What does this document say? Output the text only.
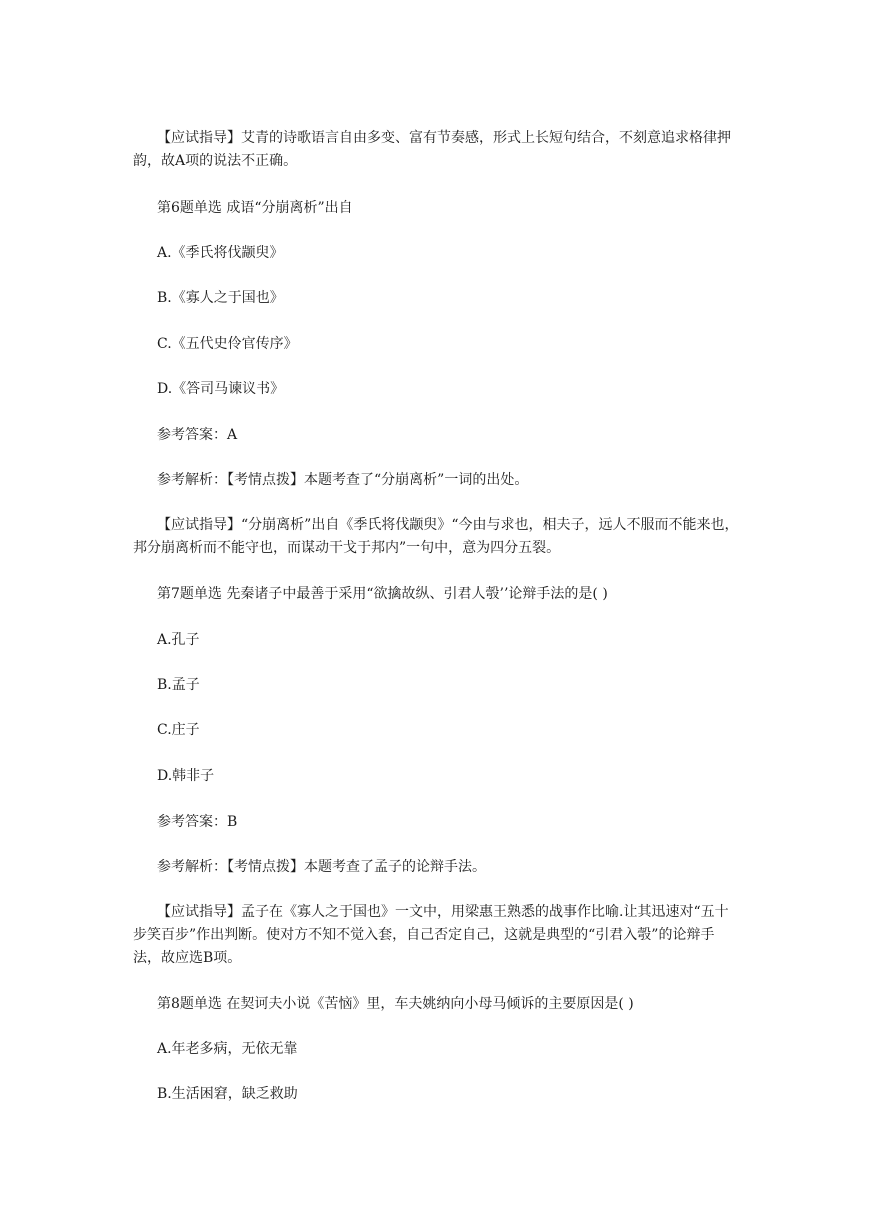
【应试指导】艾青的诗歌语言自由多变、富有节奏感，形式上长短句结合，不刻意追求格律押韵，故A项的说法不正确。

第6题单选 成语“分崩离析”出自

A.《季氏将伐颛臾》

B.《寡人之于国也》

C.《五代史伶官传序》

D.《答司马谏议书》

参考答案：A

参考解析：【考情点拨】本题考查了“分崩离析”一词的出处。

【应试指导】“分崩离析”出自《季氏将伐颛臾》“今由与求也，相夫子，远人不服而不能来也，邦分崩离析而不能守也，而谋动干戈于邦内”一句中，意为四分五裂。

第7题单选 先秦诸子中最善于采用“欲擒故纵、引君人彀’’论辩手法的是( )

A.孔子

B.孟子

C.庄子

D.韩非子

参考答案：B

参考解析：【考情点拨】本题考查了孟子的论辩手法。

【应试指导】孟子在《寡人之于国也》一文中，用梁惠王熟悉的战事作比喻.让其迅速对“五十步笑百步”作出判断。使对方不知不觉入套，自己否定自己，这就是典型的“引君入彀”的论辩手法，故应选B项。

第8题单选 在契诃夫小说《苦恼》里，车夫姚纳向小母马倾诉的主要原因是( )

A.年老多病，无依无靠

B.生活困窘，缺乏救助
